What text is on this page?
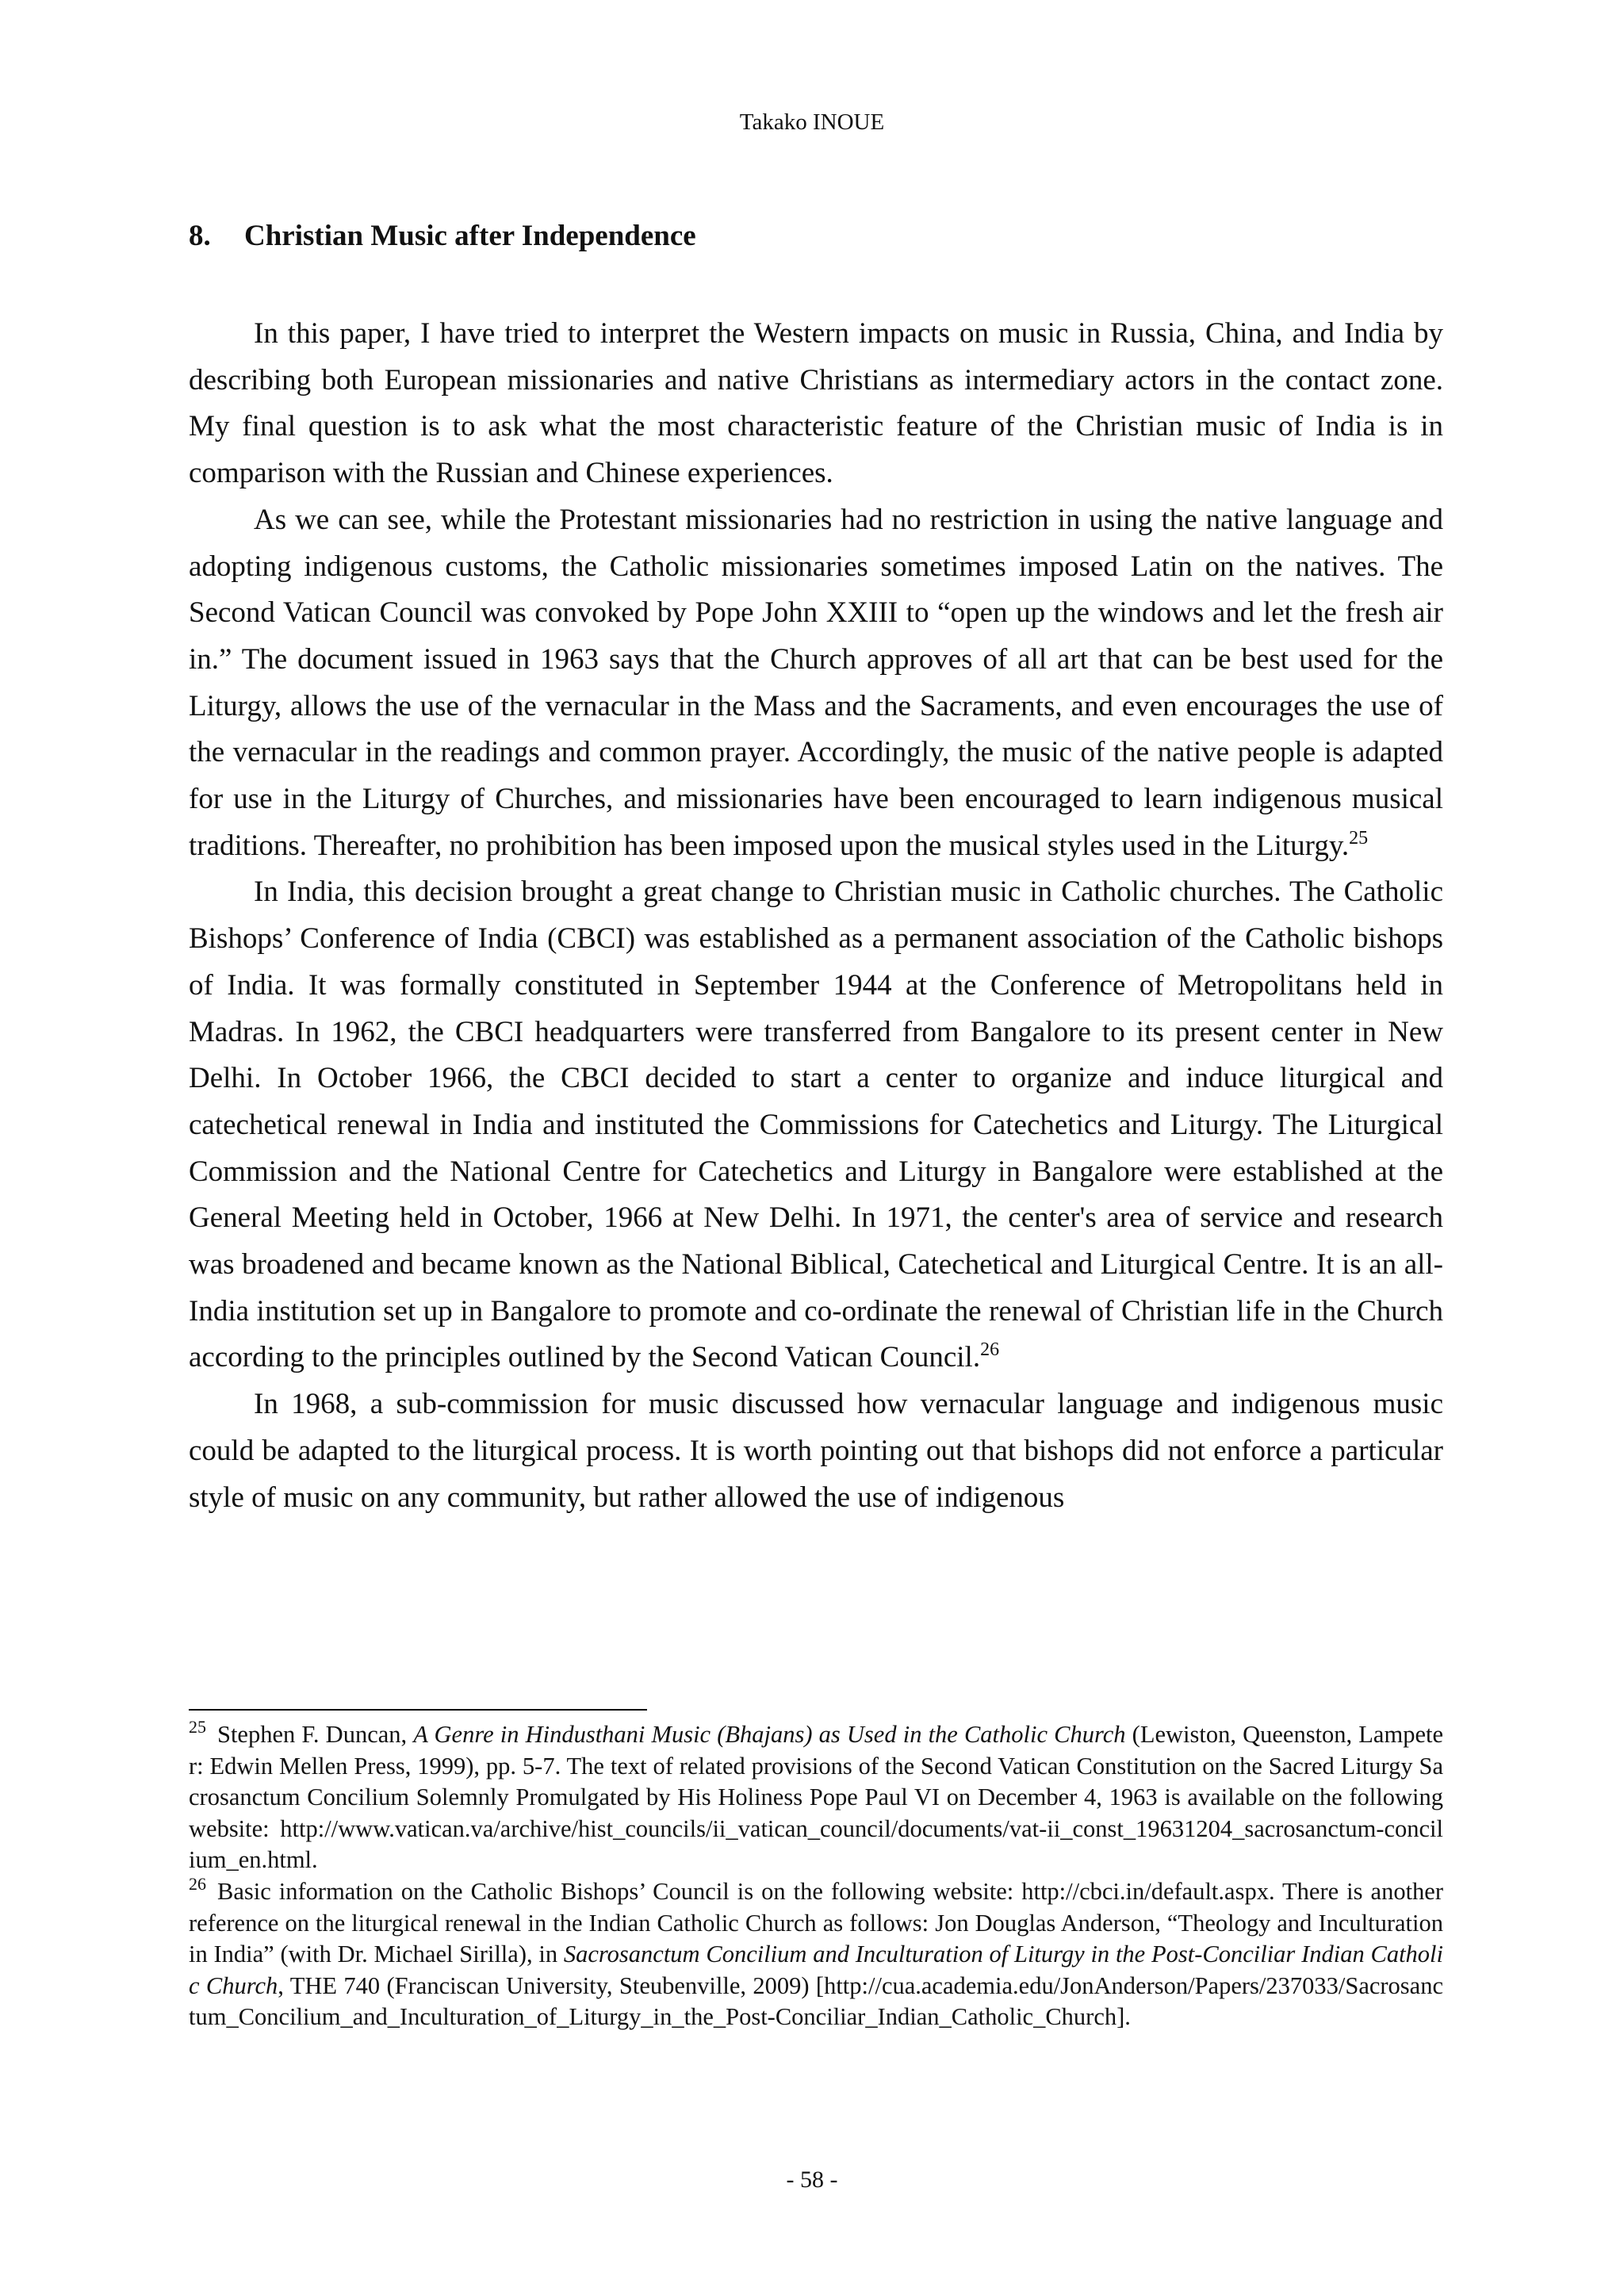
Takako INOUE
8. Christian Music after Independence

In this paper, I have tried to interpret the Western impacts on music in Russia, China, and India by describing both European missionaries and native Christians as intermediary actors in the contact zone. My final question is to ask what the most characteristic feature of the Christian music of India is in comparison with the Russian and Chinese experiences.

As we can see, while the Protestant missionaries had no restriction in using the native language and adopting indigenous customs, the Catholic missionaries sometimes imposed Latin on the natives. The Second Vatican Council was convoked by Pope John XXIII to “open up the windows and let the fresh air in.” The document issued in 1963 says that the Church approves of all art that can be best used for the Liturgy, allows the use of the vernacular in the Mass and the Sacraments, and even encourages the use of the vernacular in the readings and common prayer. Accordingly, the music of the native people is adapted for use in the Liturgy of Churches, and missionaries have been encouraged to learn indigenous musical traditions. Thereafter, no prohibition has been imposed upon the musical styles used in the Liturgy.$^{25}$

In India, this decision brought a great change to Christian music in Catholic churches. The Catholic Bishops’ Conference of India (CBCI) was established as a permanent association of the Catholic bishops of India. It was formally constituted in September 1944 at the Conference of Metropolitans held in Madras. In 1962, the CBCI headquarters were transferred from Bangalore to its present center in New Delhi. In October 1966, the CBCI decided to start a center to organize and induce liturgical and catechetical renewal in India and instituted the Commissions for Catechetics and Liturgy. The Liturgical Commission and the National Centre for Catechetics and Liturgy in Bangalore were established at the General Meeting held in October, 1966 at New Delhi. In 1971, the center's area of service and research was broadened and became known as the National Biblical, Catechetical and Liturgical Centre. It is an all-India institution set up in Bangalore to promote and co-ordinate the renewal of Christian life in the Church according to the principles outlined by the Second Vatican Council.$^{26}$

In 1968, a sub-commission for music discussed how vernacular language and indigenous music could be adapted to the liturgical process. It is worth pointing out that bishops did not enforce a particular style of music on any community, but rather allowed the use of indigenous

$^{25}$ Stephen F. Duncan, A Genre in Hindusthani Music (Bhajans) as Used in the Catholic Church (Lewiston, Queenston, Lampeter: Edwin Mellen Press, 1999), pp. 5-7. The text of related provisions of the Second Vatican Constitution on the Sacred Liturgy Sacrosanctum Concilium Solemnly Promulgated by His Holiness Pope Paul VI on December 4, 1963 is available on the following website: http://www.vatican.va/archive/hist_councils/ii_vatican_council/documents/vat-ii_const_19631204_sacrosanctum-concilium_en.html.

$^{26}$ Basic information on the Catholic Bishops’ Council is on the following website: http://cbci.in/default.aspx. There is another reference on the liturgical renewal in the Indian Catholic Church as follows: Jon Douglas Anderson, “Theology and Inculturation in India” (with Dr. Michael Sirilla), in Sacrosanctum Concilium and Inculturation of Liturgy in the Post-Conciliar Indian Catholic Church, THE 740 (Franciscan University, Steubenville, 2009) [http://cua.academia.edu/JonAnderson/Papers/237033/Sacrosanctum_Concilium_and_Inculturation_of_Liturgy_in_the_Post-Conciliar_Indian_Catholic_Church].

- 58 -
